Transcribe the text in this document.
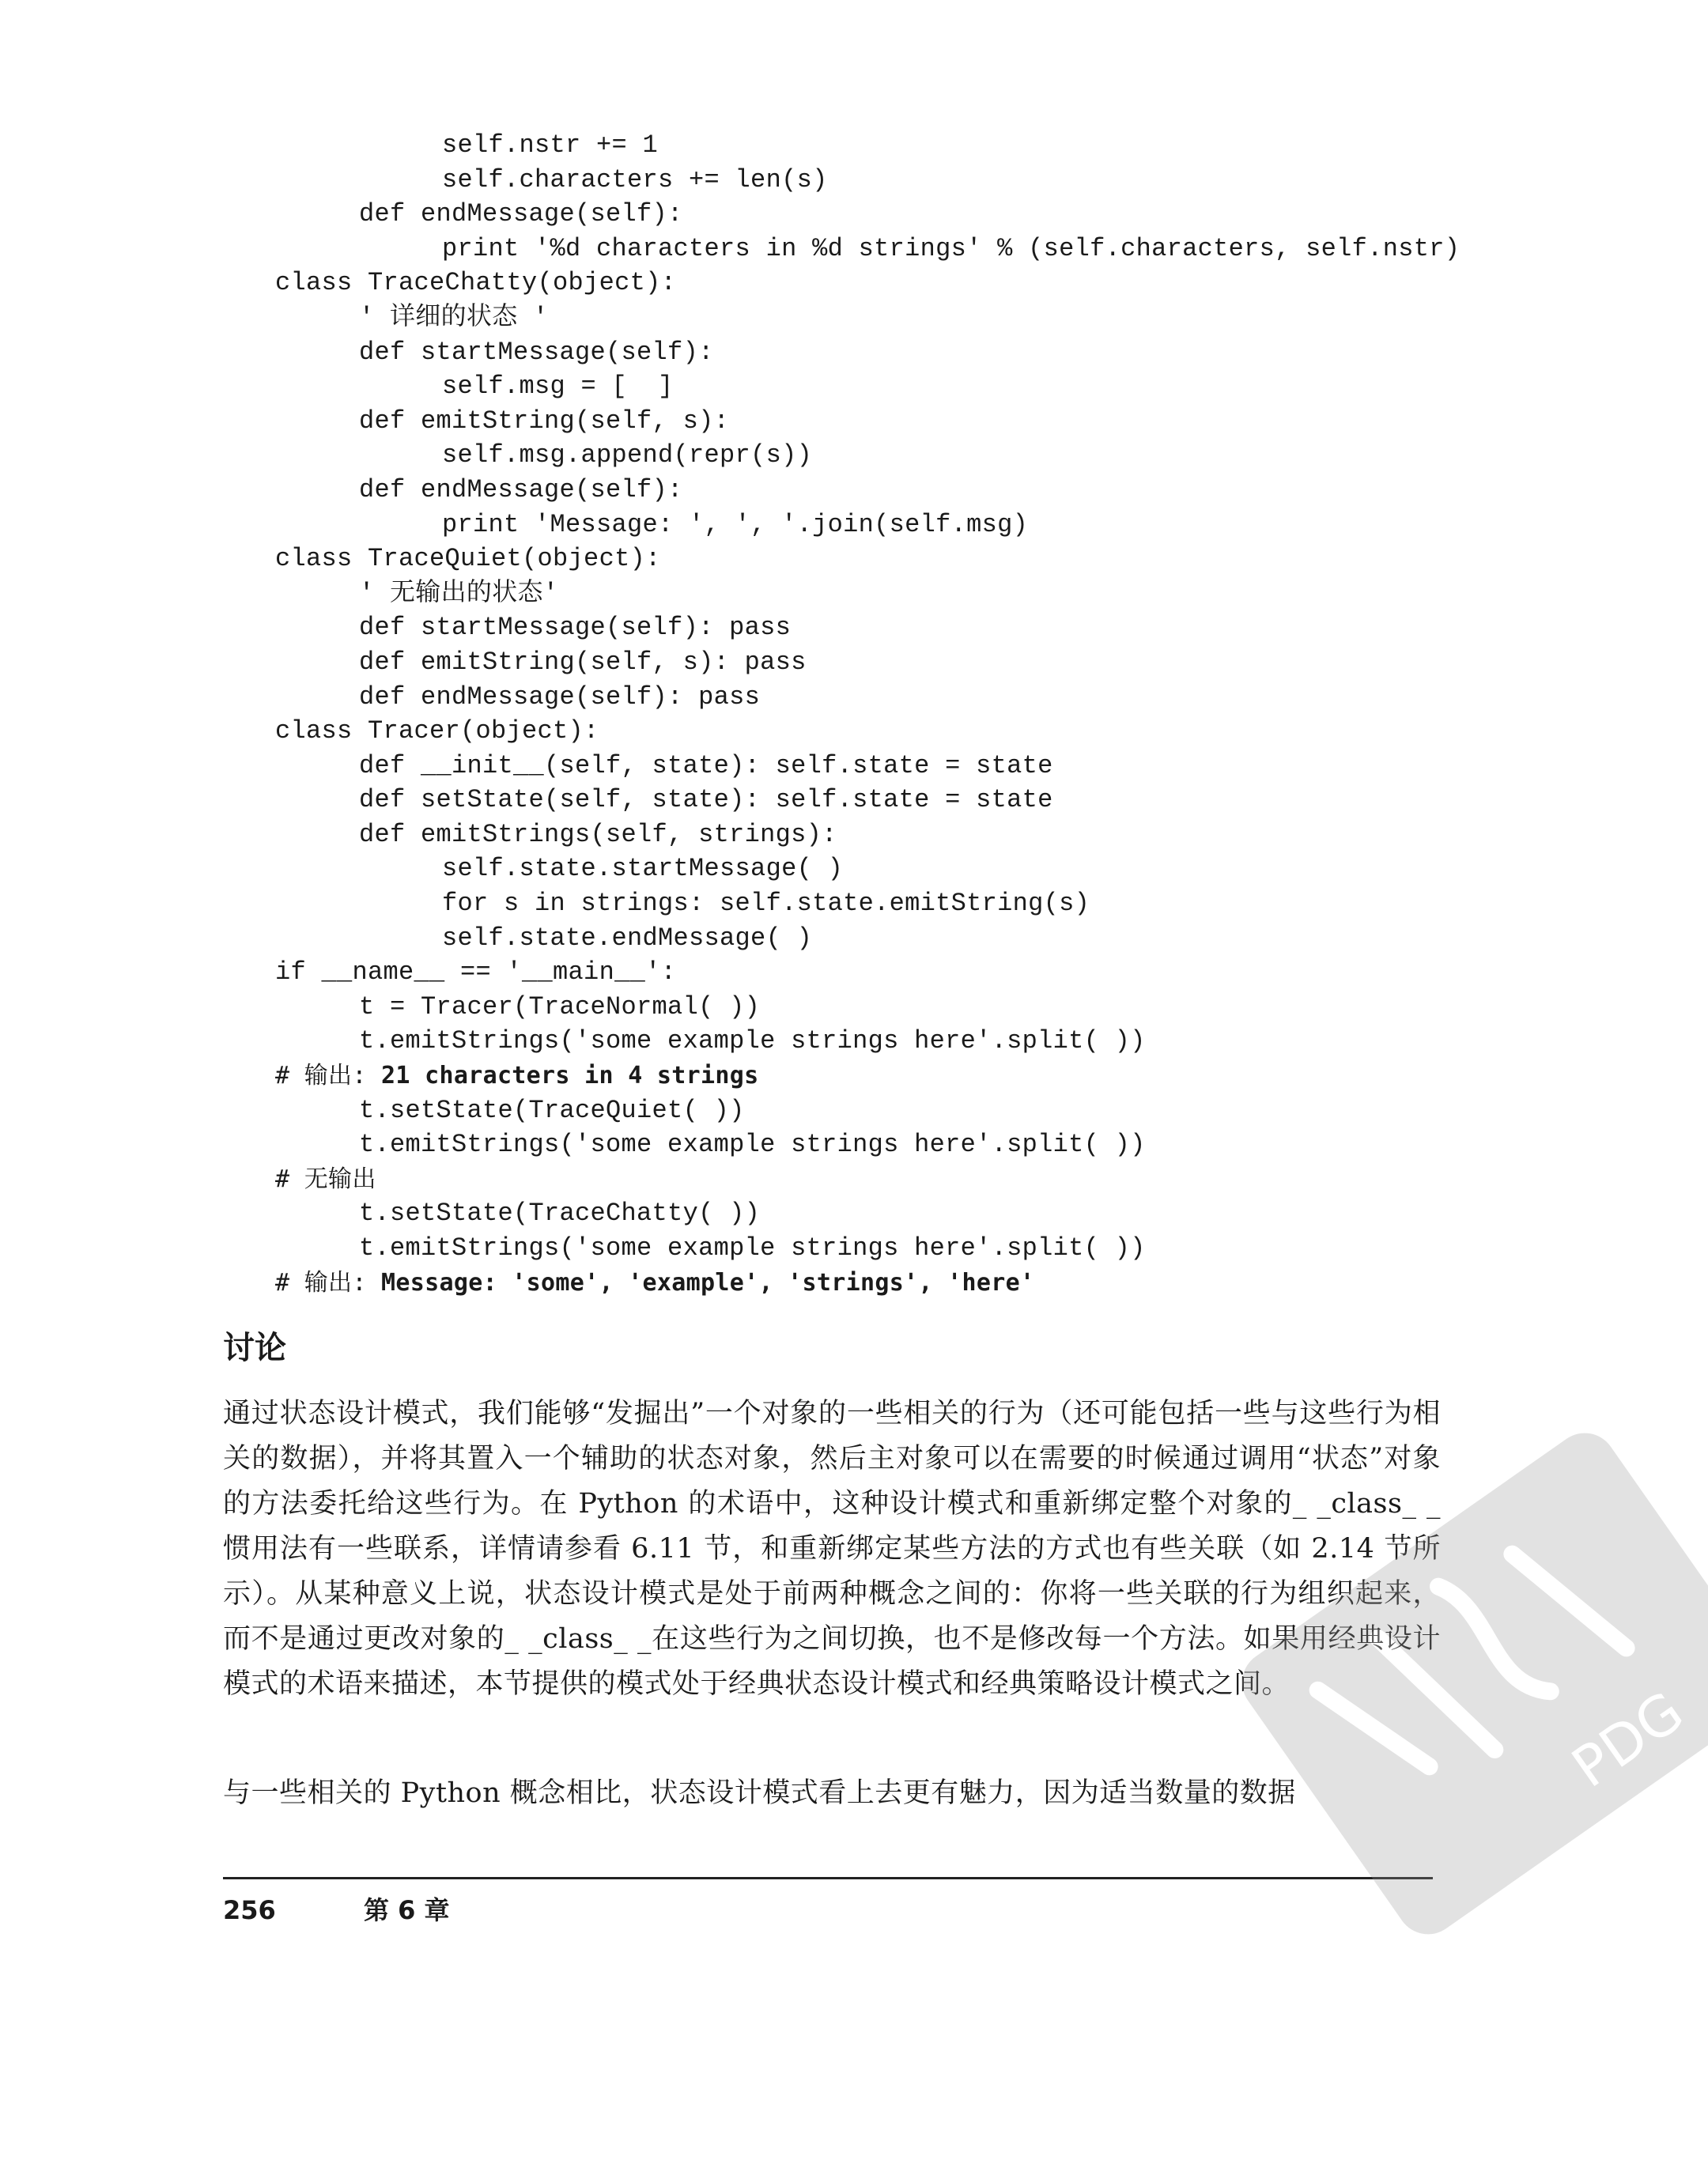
self.nstr += 1
self.characters += len(s)
def endMessage(self):
print '%d characters in %d strings' % (self.characters, self.nstr)
class TraceChatty(object):
' 详细的状态 '
def startMessage(self):
self.msg = [  ]
def emitString(self, s):
self.msg.append(repr(s))
def endMessage(self):
print 'Message: ', ', '.join(self.msg)
class TraceQuiet(object):
' 无输出的状态'
def startMessage(self): pass
def emitString(self, s): pass
def endMessage(self): pass
class Tracer(object):
def __init__(self, state): self.state = state
def setState(self, state): self.state = state
def emitStrings(self, strings):
self.state.startMessage( )
for s in strings: self.state.emitString(s)
self.state.endMessage( )
if __name__ == '__main__':
t = Tracer(TraceNormal( ))
t.emitStrings('some example strings here'.split( ))
# 输出: 21 characters in 4 strings
t.setState(TraceQuiet( ))
t.emitStrings('some example strings here'.split( ))
# 无输出
t.setState(TraceChatty( ))
t.emitStrings('some example strings here'.split( ))
# 输出: Message: 'some', 'example', 'strings', 'here'
讨论

通过状态设计模式，我们能够“发掘出”一个对象的一些相关的行为（还可能包括一些与这些行为相关的数据），并将其置入一个辅助的状态对象，然后主对象可以在需要的时候通过调用“状态”对象的方法委托给这些行为。在 Python 的术语中，这种设计模式和重新绑定整个对象的_ _class_ _惯用法有一些联系，详情请参看 6.11 节，和重新绑定某些方法的方式也有些关联（如 2.14 节所示）。从某种意义上说，状态设计模式是处于前两种概念之间的：你将一些关联的行为组织起来，而不是通过更改对象的_ _class_ _在这些行为之间切换，也不是修改每一个方法。如果用经典设计模式的术语来描述，本节提供的模式处于经典状态设计模式和经典策略设计模式之间。

与一些相关的 Python 概念相比，状态设计模式看上去更有魅力，因为适当数量的数据

256	第 6 章
PDG
